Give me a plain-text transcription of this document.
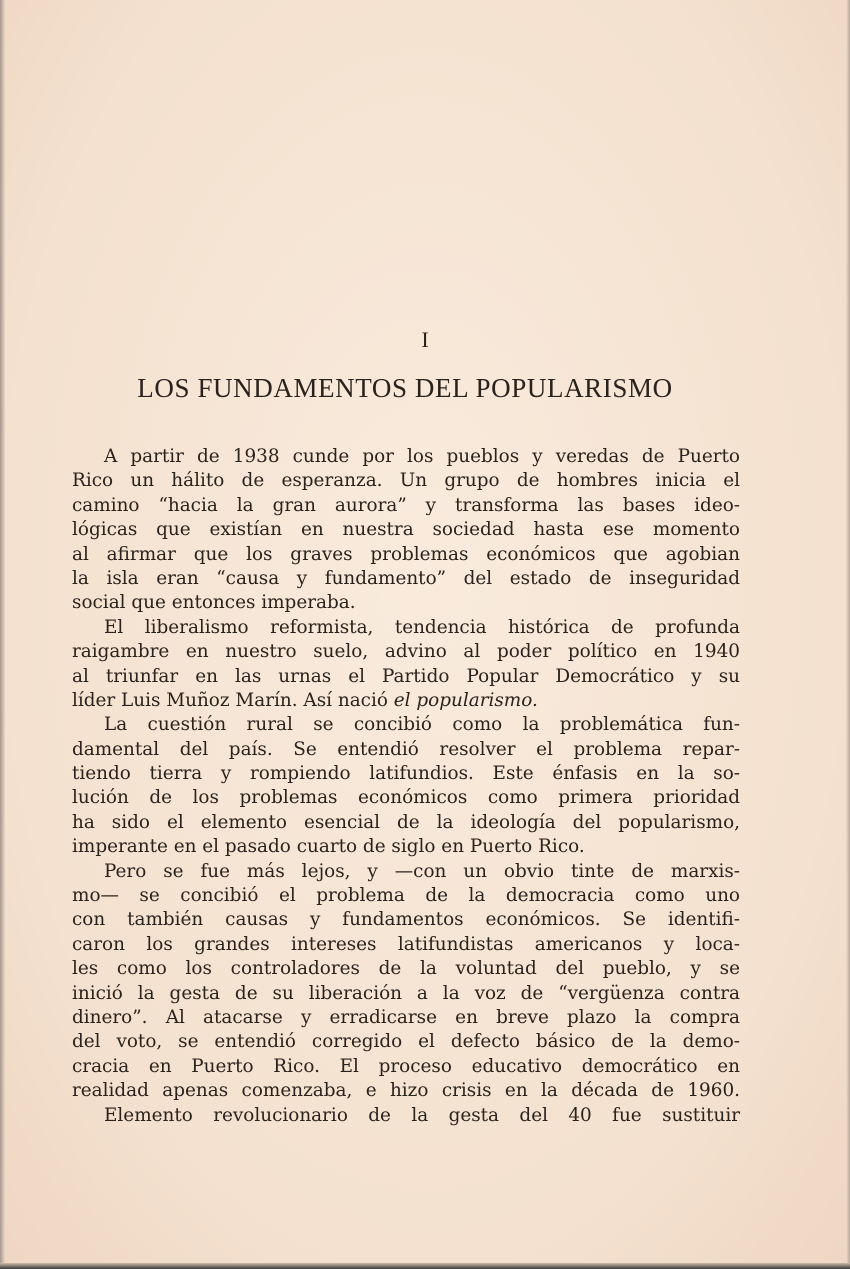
I
LOS FUNDAMENTOS DEL POPULARISMO
A partir de 1938 cunde por los pueblos y veredas de Puerto
Rico un hálito de esperanza. Un grupo de hombres inicia el
camino “hacia la gran aurora” y transforma las bases ideo-
lógicas que existían en nuestra sociedad hasta ese momento
al afirmar que los graves problemas económicos que agobian
la isla eran “causa y fundamento” del estado de inseguridad
social que entonces imperaba.
El liberalismo reformista, tendencia histórica de profunda
raigambre en nuestro suelo, advino al poder político en 1940
al triunfar en las urnas el Partido Popular Democrático y su
líder Luis Muñoz Marín. Así nació el popularismo.
La cuestión rural se concibió como la problemática fun-
damental del país. Se entendió resolver el problema repar-
tiendo tierra y rompiendo latifundios. Este énfasis en la so-
lución de los problemas económicos como primera prioridad
ha sido el elemento esencial de la ideología del popularismo,
imperante en el pasado cuarto de siglo en Puerto Rico.
Pero se fue más lejos, y —con un obvio tinte de marxis-
mo— se concibió el problema de la democracia como uno
con también causas y fundamentos económicos. Se identifi-
caron los grandes intereses latifundistas americanos y loca-
les como los controladores de la voluntad del pueblo, y se
inició la gesta de su liberación a la voz de “vergüenza contra
dinero”. Al atacarse y erradicarse en breve plazo la compra
del voto, se entendió corregido el defecto básico de la demo-
cracia en Puerto Rico. El proceso educativo democrático en
realidad apenas comenzaba, e hizo crisis en la década de 1960.
Elemento revolucionario de la gesta del 40 fue sustituir
